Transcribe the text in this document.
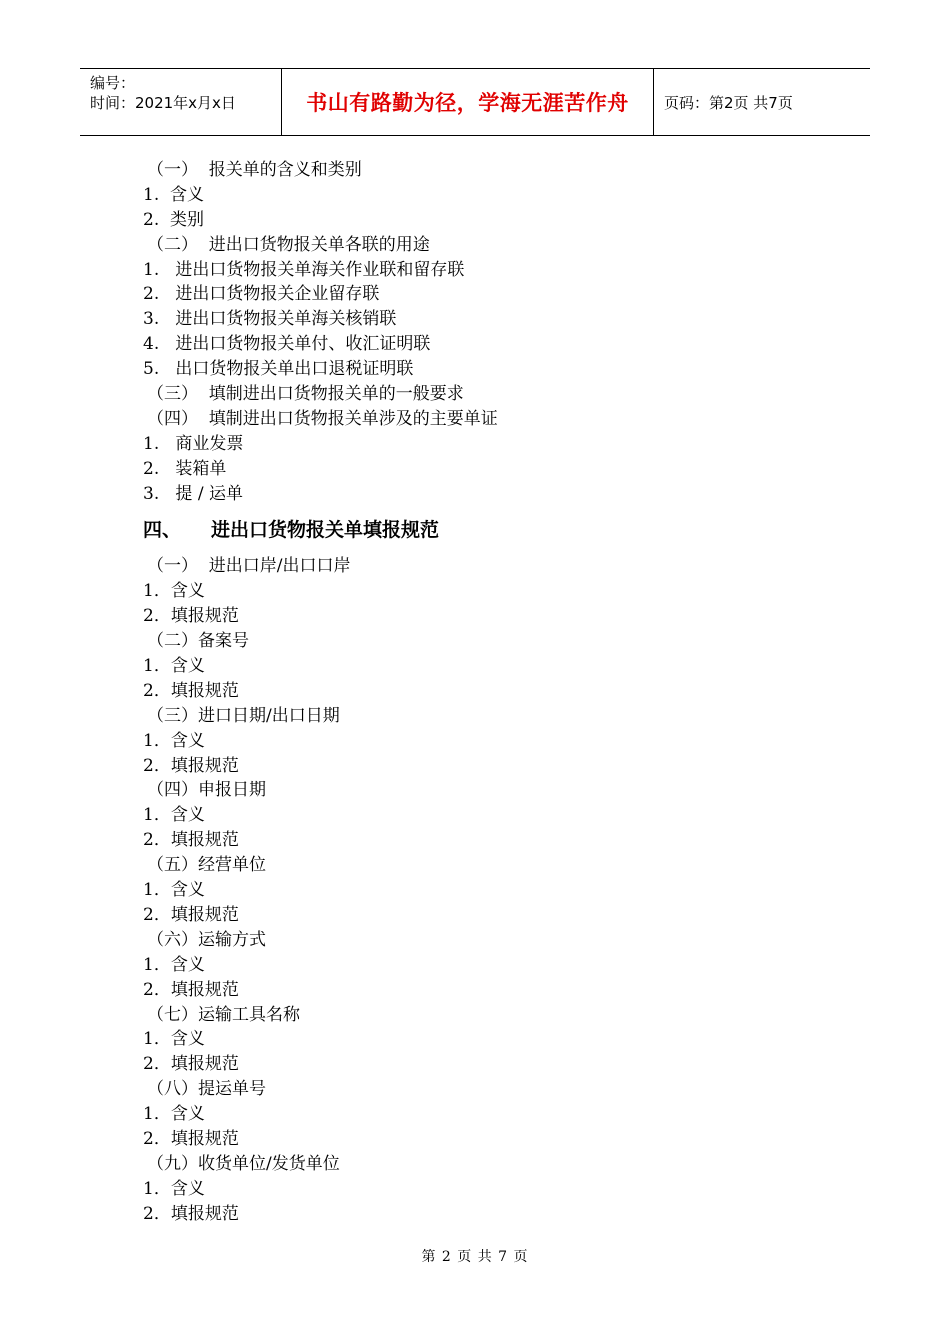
编号：
时间：2021年x月x日	书山有路勤为径，学海无涯苦作舟	页码：第2页 共7页
（一）  报关单的含义和类别
1.  含义
2.  类别
（二）  进出口货物报关单各联的用途
1.   进出口货物报关单海关作业联和留存联
2.   进出口货物报关企业留存联
3.   进出口货物报关单海关核销联
4.   进出口货物报关单付、收汇证明联
5.   出口货物报关单出口退税证明联
（三）  填制进出口货物报关单的一般要求
（四）  填制进出口货物报关单涉及的主要单证
1.   商业发票
2.   装箱单
3.   提 / 运单
四、 进出口货物报关单填报规范
（一）  进出口岸/出口口岸
1．含义
2．填报规范
（二）备案号
1．含义
2．填报规范
（三）进口日期/出口日期
1．含义
2．填报规范
（四）申报日期
1．含义
2．填报规范
（五）经营单位
1．含义
2．填报规范
（六）运输方式
1．含义
2．填报规范
（七）运输工具名称
1．含义
2．填报规范
（八）提运单号
1．含义
2．填报规范
（九）收货单位/发货单位
1．含义
2．填报规范
第 2 页 共 7 页
